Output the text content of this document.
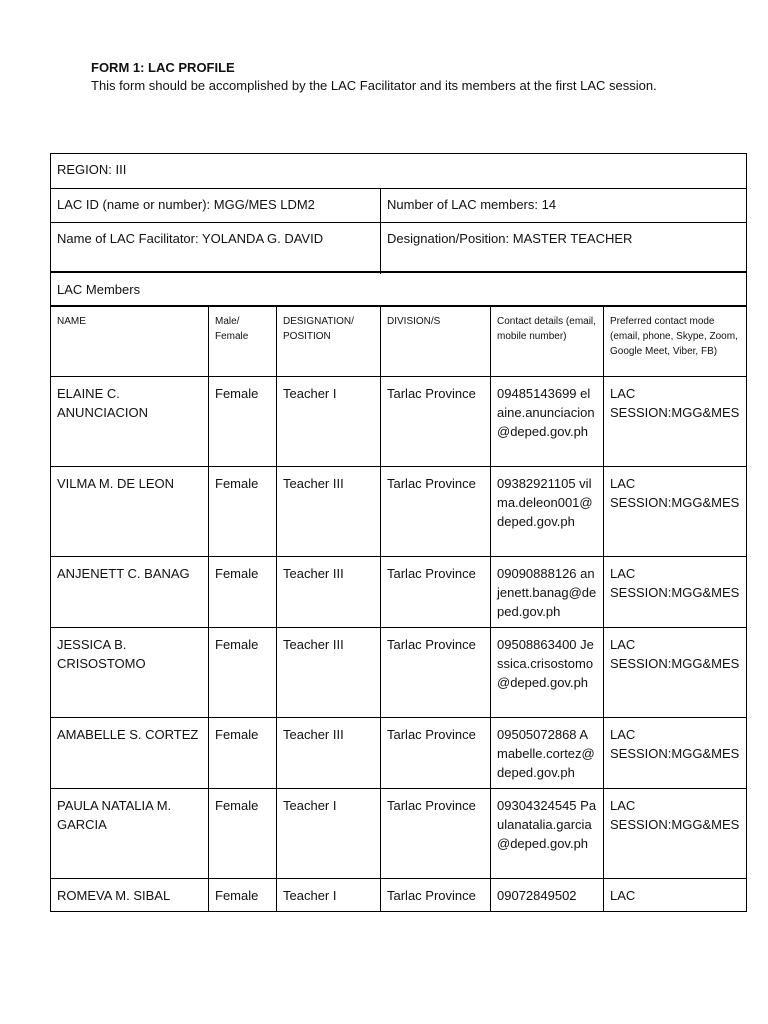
FORM 1: LAC PROFILE
This form should be accomplished by the LAC Facilitator and its members at the first LAC session.
REGION: III
LAC ID (name or number): MGG/MES LDM2	Number of LAC members: 14
Name of LAC Facilitator: YOLANDA G. DAVID	Designation/Position: MASTER TEACHER
LAC Members					
NAME	Male/ Female	DESIGNATION/ POSITION	DIVISION/S	Contact details (email, mobile number)	Preferred contact mode (email, phone, Skype, Zoom, Google Meet, Viber, FB)
ELAINE C. ANUNCIACION	Female	Teacher I	Tarlac Province	09485143699 elaine.anunciacion@deped.gov.ph	LAC SESSION:MGG&MES
VILMA M. DE LEON	Female	Teacher III	Tarlac Province	09382921105 vilma.deleon001@deped.gov.ph	LAC SESSION:MGG&MES
ANJENETT C. BANAG	Female	Teacher III	Tarlac Province	09090888126 anjenett.banag@deped.gov.ph	LAC SESSION:MGG&MES
JESSICA B. CRISOSTOMO	Female	Teacher III	Tarlac Province	09508863400 Jessica.crisostomo@deped.gov.ph	LAC SESSION:MGG&MES
AMABELLE S. CORTEZ	Female	Teacher III	Tarlac Province	09505072868 Amabelle.cortez@deped.gov.ph	LAC SESSION:MGG&MES
PAULA NATALIA M. GARCIA	Female	Teacher I	Tarlac Province	09304324545 Paulanatalia.garcia@deped.gov.ph	LAC SESSION:MGG&MES
ROMEVA M. SIBAL	Female	Teacher I	Tarlac Province	09072849502	LAC
